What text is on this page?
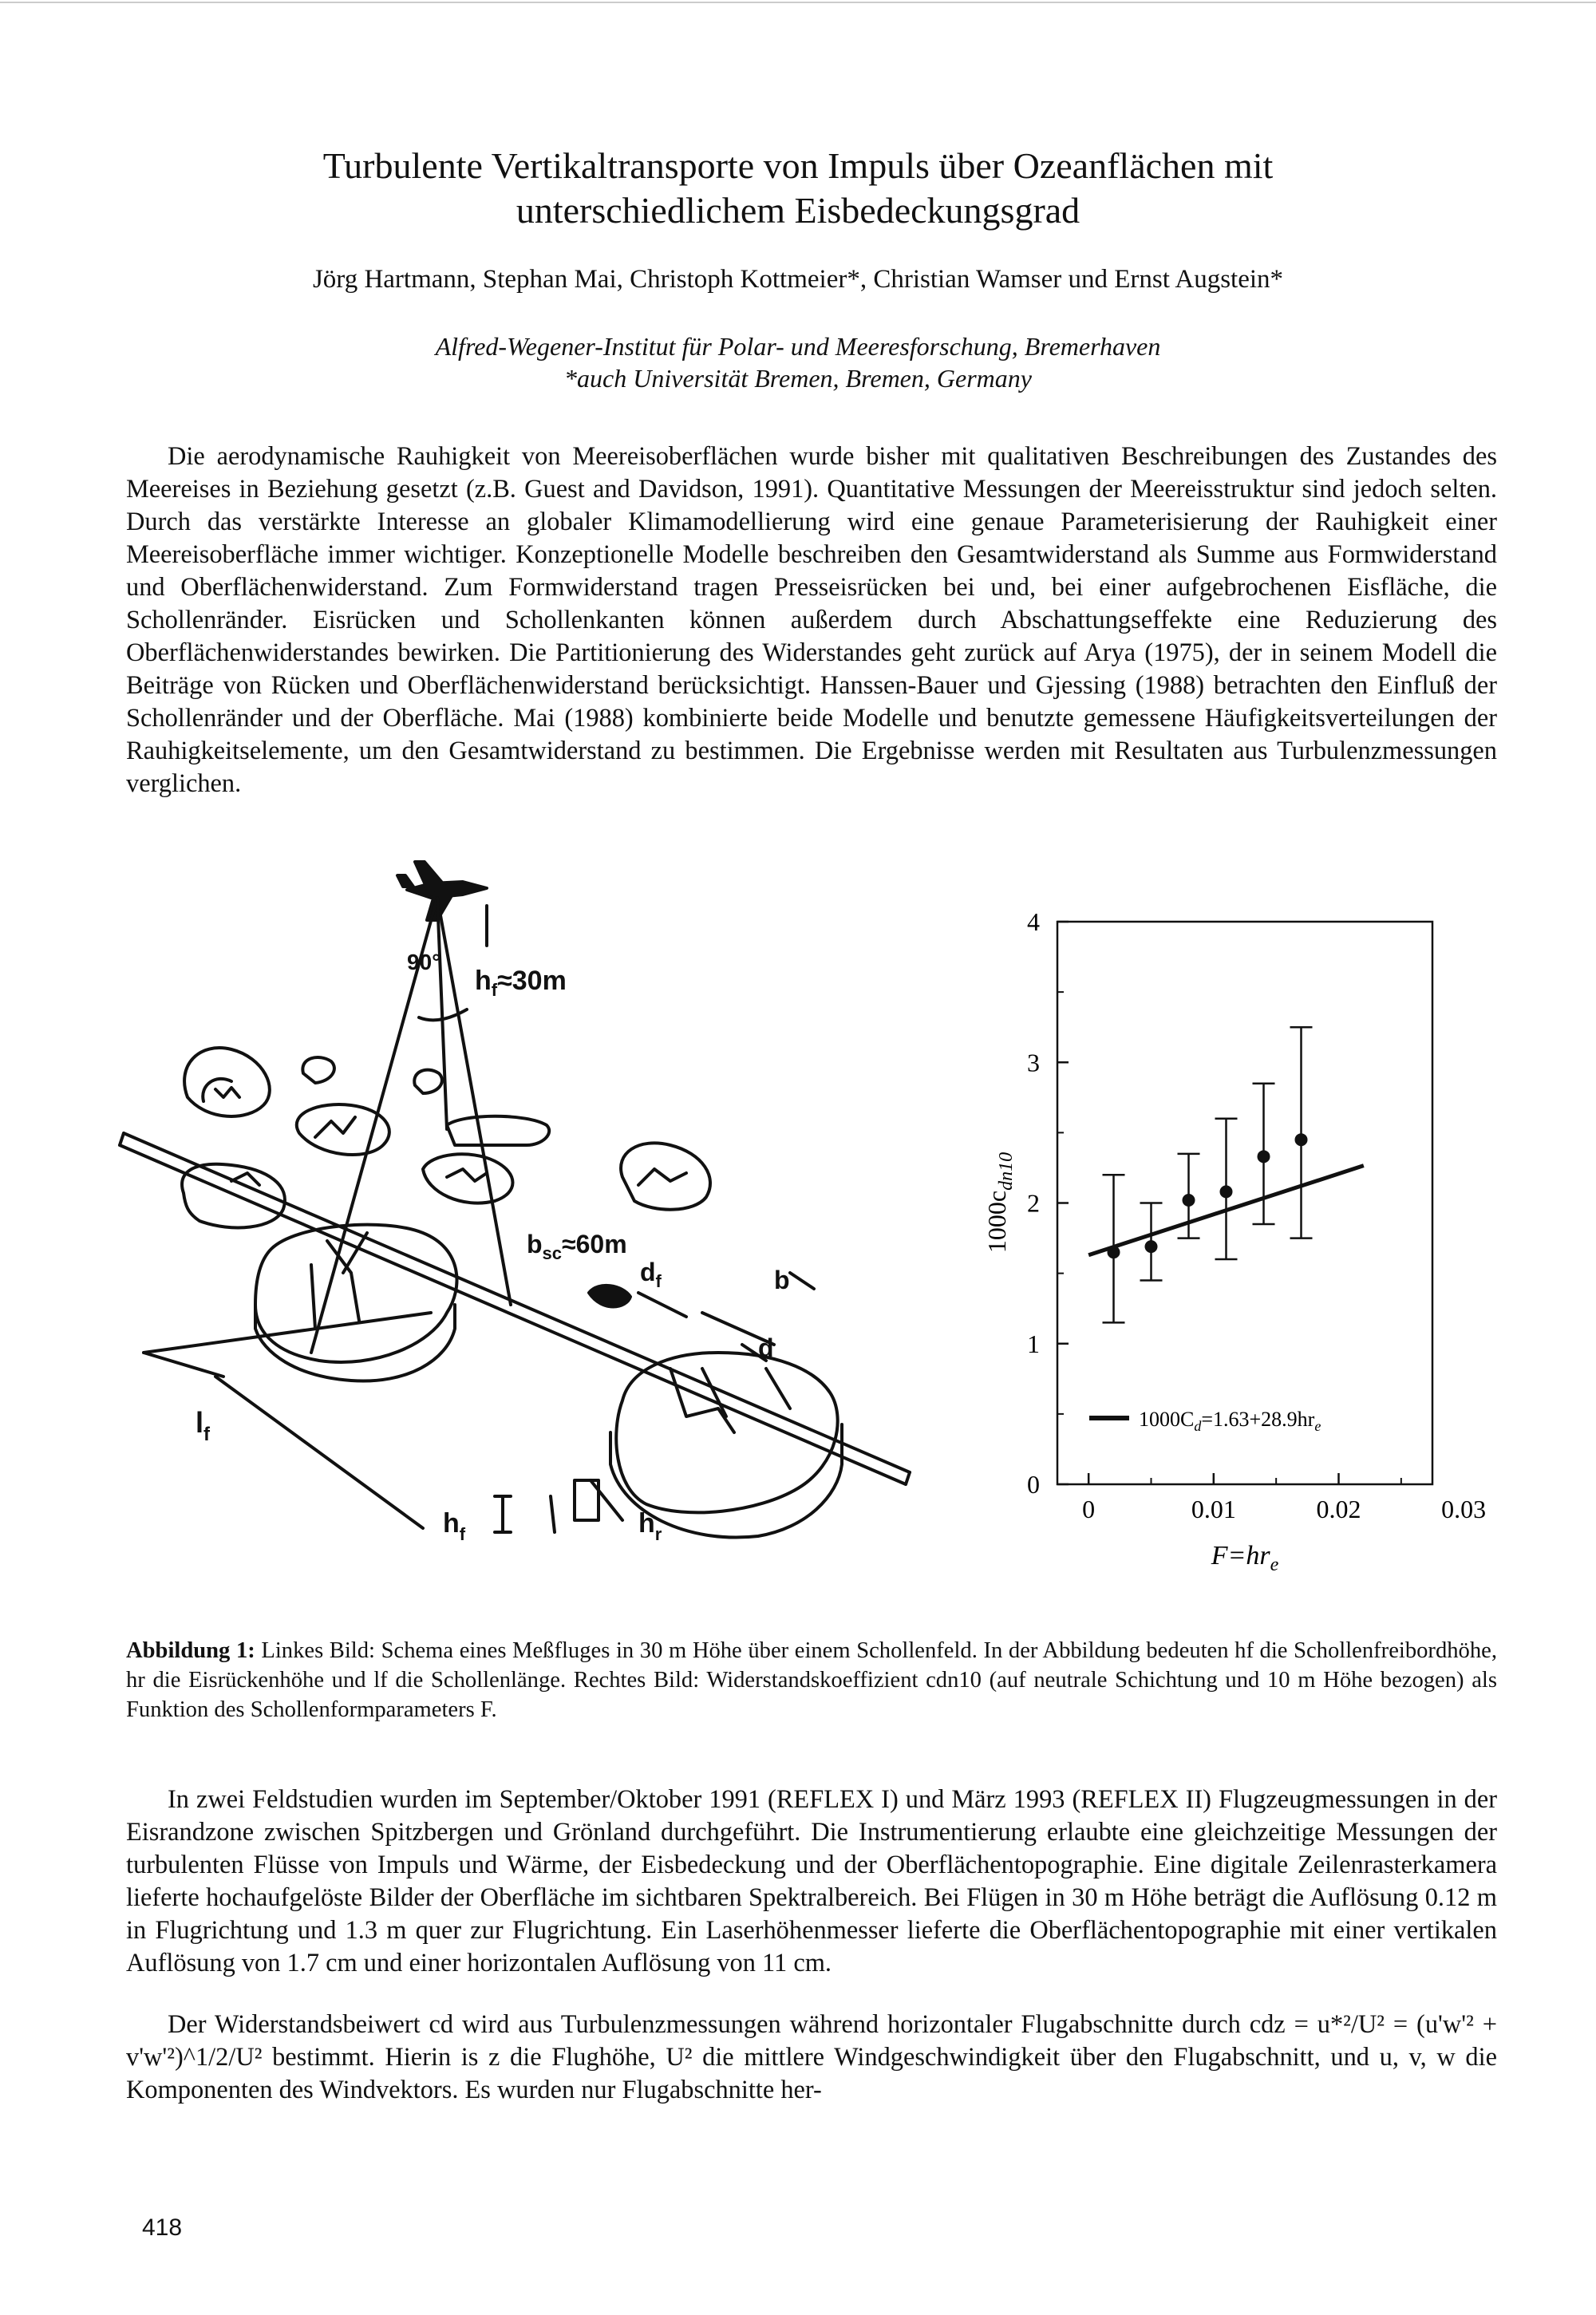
Turbulente Vertikaltransporte von Impuls über Ozeanflächen mit
unterschiedlichem Eisbedeckungsgrad
Jörg Hartmann, Stephan Mai, Christoph Kottmeier*, Christian Wamser und Ernst Augstein*
Alfred-Wegener-Institut für Polar- und Meeresforschung, Bremerhaven
*auch Universität Bremen, Bremen, Germany

Die aerodynamische Rauhigkeit von Meereisoberflächen wurde bisher mit qualitativen Beschreibungen des Zustandes des Meereises in Beziehung gesetzt (z.B. Guest and Davidson, 1991). Quantitative Messungen der Meereisstruktur sind jedoch selten. Durch das verstärkte Interesse an globaler Klimamodellierung wird eine genaue Parameterisierung der Rauhigkeit einer Meereisoberfläche immer wichtiger. Konzeptionelle Modelle beschreiben den Gesamtwiderstand als Summe aus Formwiderstand und Oberflächenwiderstand. Zum Formwiderstand tragen Presseisrücken bei und, bei einer aufgebrochenen Eisfläche, die Schollenränder. Eisrücken und Schollenkanten können außerdem durch Abschattungseffekte eine Reduzierung des Oberflächenwiderstandes bewirken. Die Partitionierung des Widerstandes geht zurück auf Arya (1975), der in seinem Modell die Beiträge von Rücken und Oberflächenwiderstand berücksichtigt. Hanssen-Bauer und Gjessing (1988) betrachten den Einfluß der Schollenränder und der Oberfläche. Mai (1988) kombinierte beide Modelle und benutzte gemessene Häufigkeitsverteilungen der Rauhigkeitselemente, um den Gesamtwiderstand zu bestimmen. Die Ergebnisse werden mit Resultaten aus Turbulenzmessungen verglichen.

90°
$h_f\approx 30m$
$b_{sc}\approx 60m$
$d_f$	b
d
$l_f$
$h_f$	$h_r$
0
1
2
3
4
0	0.01	0.02	0.03
$1000C_d=1.63+28.9hr_e$
$1000c_{dn10}$
$F=hr_e$
Abbildung 1: Linkes Bild: Schema eines Meßfluges in 30 m Höhe über einem Schollenfeld. In der Abbildung bedeuten hf die Schollenfreibordhöhe, hr die Eisrückenhöhe und lf die Schollenlänge. Rechtes Bild: Widerstandskoeffizient cdn10 (auf neutrale Schichtung und 10 m Höhe bezogen) als Funktion des Schollenformparameters F.

In zwei Feldstudien wurden im September/Oktober 1991 (REFLEX I) und März 1993 (REFLEX II) Flugzeugmessungen in der Eisrandzone zwischen Spitzbergen und Grönland durchgeführt. Die Instrumentierung erlaubte eine gleichzeitige Messungen der turbulenten Flüsse von Impuls und Wärme, der Eisbedeckung und der Oberflächentopographie. Eine digitale Zeilenrasterkamera lieferte hochaufgelöste Bilder der Oberfläche im sichtbaren Spektralbereich. Bei Flügen in 30 m Höhe beträgt die Auflösung 0.12 m in Flugrichtung und 1.3 m quer zur Flugrichtung. Ein Laserhöhenmesser lieferte die Oberflächentopographie mit einer vertikalen Auflösung von 1.7 cm und einer horizontalen Auflösung von 11 cm.

Der Widerstandsbeiwert cd wird aus Turbulenzmessungen während horizontaler Flugabschnitte durch cdz = u*²/U² = (u'w'² + v'w'²)^1/2/U² bestimmt. Hierin is z die Flughöhe, U² die mittlere Windgeschwindigkeit über den Flugabschnitt, und u, v, w die Komponenten des Windvektors. Es wurden nur Flugabschnitte her-

418
